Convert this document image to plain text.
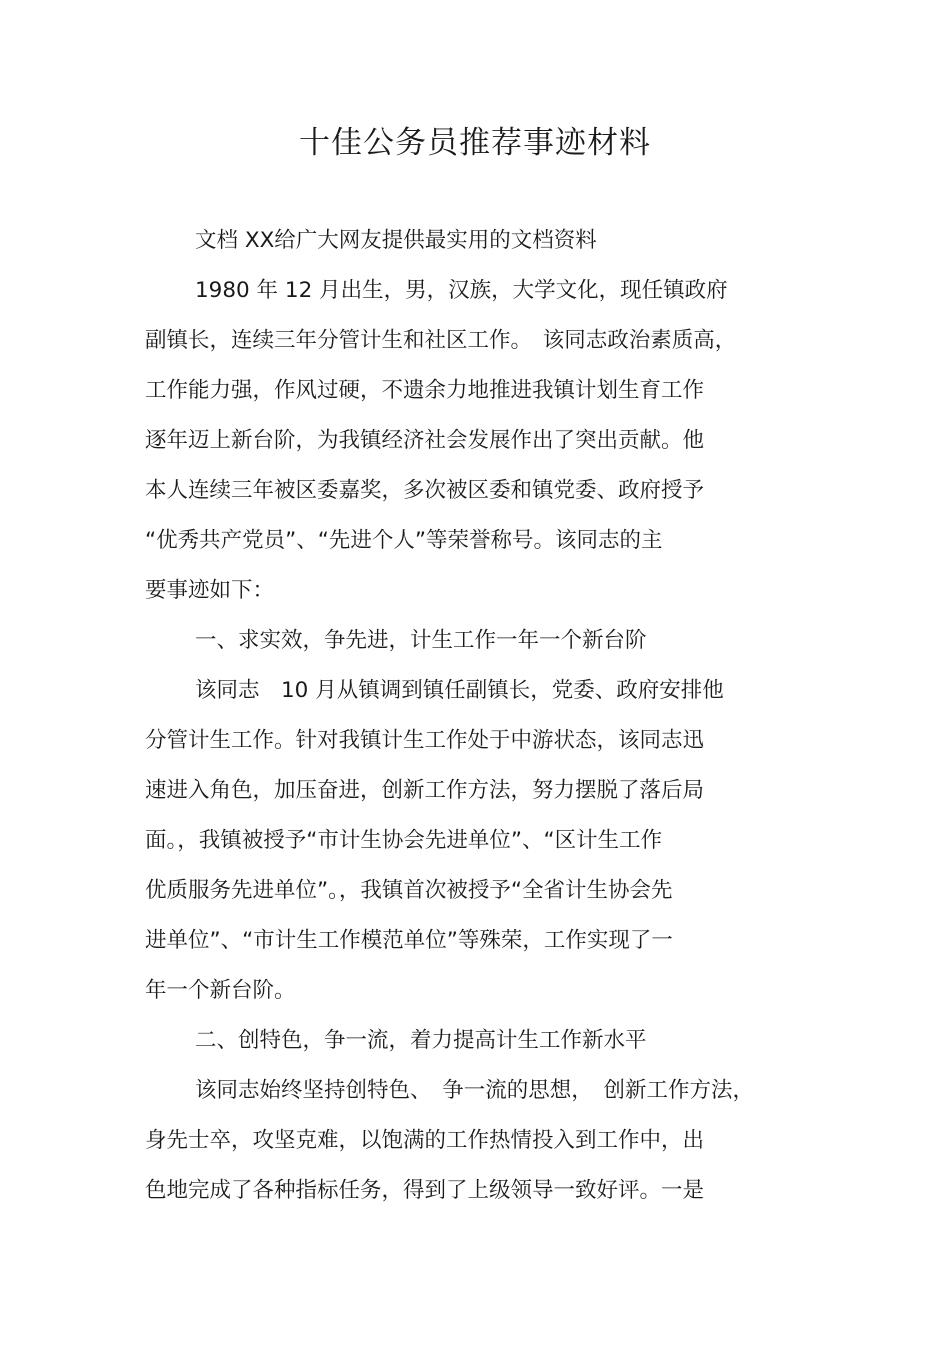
十佳公务员推荐事迹材料
文档 XX给广大网友提供最实用的文档资料
1980 年 12 月出生，男，汉族，大学文化，现任镇政府
副镇长，连续三年分管计生和社区工作。　该同志政治素质高，
工作能力强，作风过硬，不遗余力地推进我镇计划生育工作
逐年迈上新台阶，为我镇经济社会发展作出了突出贡献。他
本人连续三年被区委嘉奖，多次被区委和镇党委、政府授予
“优秀共产党员”、“先进个人”等荣誉称号。该同志的主
要事迹如下：
一、求实效，争先进，计生工作一年一个新台阶
该同志　10 月从镇调到镇任副镇长，党委、政府安排他
分管计生工作。针对我镇计生工作处于中游状态，该同志迅
速进入角色，加压奋进，创新工作方法，努力摆脱了落后局
面。，我镇被授予“市计生协会先进单位”、“区计生工作
优质服务先进单位”。，我镇首次被授予“全省计生协会先
进单位”、“市计生工作模范单位”等殊荣，工作实现了一
年一个新台阶。
二、创特色，争一流，着力提高计生工作新水平
该同志始终坚持创特色、　争一流的思想，　创新工作方法，
身先士卒，攻坚克难，以饱满的工作热情投入到工作中，出
色地完成了各种指标任务，得到了上级领导一致好评。一是
